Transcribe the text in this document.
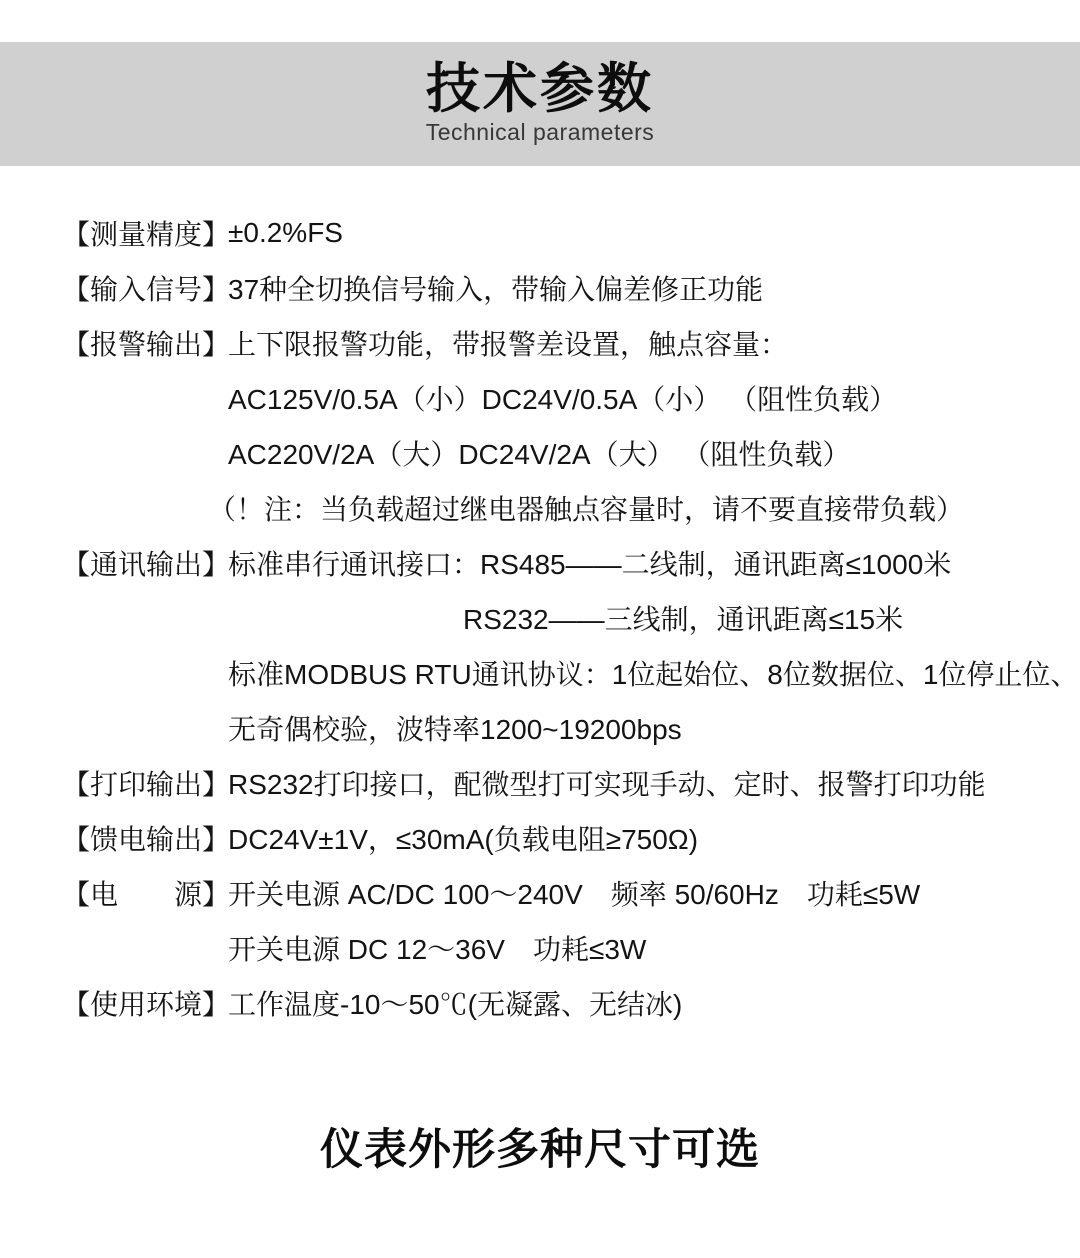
技术参数
Technical parameters
【测量精度】
±0.2%FS
【输入信号】
37种全切换信号输入，带输入偏差修正功能
【报警输出】
上下限报警功能，带报警差设置，触点容量：
AC125V/0.5A（小）DC24V/0.5A（小） （阻性负载）
AC220V/2A（大）DC24V/2A（大） （阻性负载）
（！注：当负载超过继电器触点容量时，请不要直接带负载）
【通讯输出】
标准串行通讯接口：RS485——二线制，通讯距离≤1000米
RS232——三线制，通讯距离≤15米
标准MODBUS RTU通讯协议：1位起始位、8位数据位、1位停止位、
无奇偶校验，波特率1200~19200bps
【打印输出】
RS232打印接口，配微型打可实现手动、定时、报警打印功能
【馈电输出】
DC24V±1V，≤30mA(负载电阻≥750Ω)
【电　　源】
开关电源 AC/DC 100～240V　频率 50/60Hz　功耗≤5W
开关电源 DC 12～36V　功耗≤3W
【使用环境】
工作温度-10～50℃(无凝露、无结冰)
仪表外形多种尺寸可选
